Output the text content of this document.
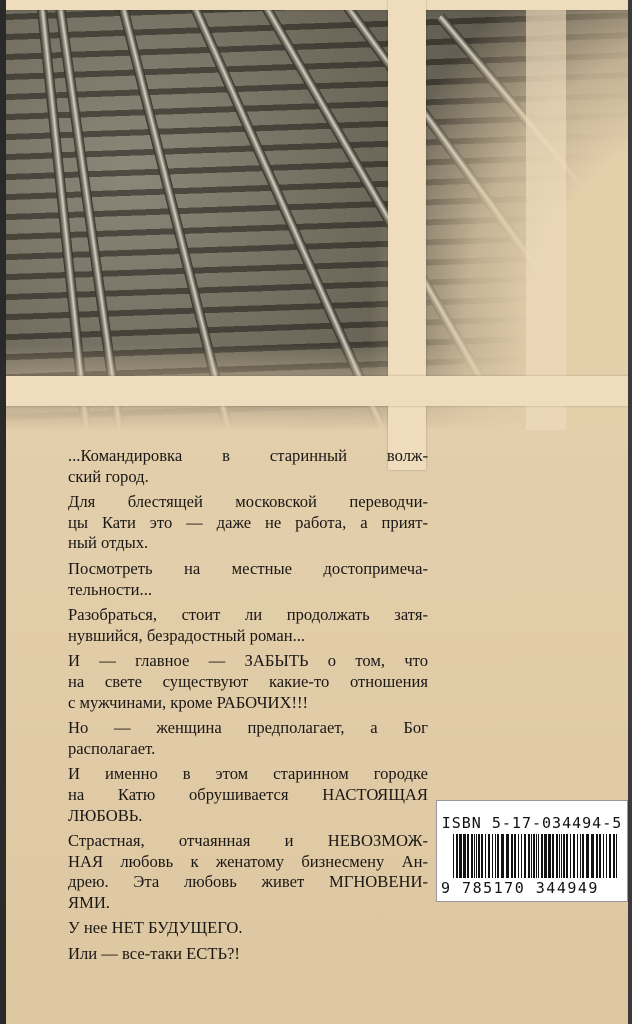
...Командировка в старинный волж-
ский город.
Для блестящей московской переводчи-
цы Кати это — даже не работа, а прият-
ный отдых.
Посмотреть на местные достопримеча-
тельности...
Разобраться, стоит ли продолжать затя-
нувшийся, безрадостный роман...
И — главное — ЗАБЫТЬ о том, что
на свете существуют какие-то отношения
с мужчинами, кроме РАБОЧИХ!!!
Но — женщина предполагает, а Бог
располагает.
И именно в этом старинном городке
на Катю обрушивается НАСТОЯЩАЯ
ЛЮБОВЬ.
Страстная, отчаянная и НЕВОЗМОЖ-
НАЯ любовь к женатому бизнесмену Ан-
дрею. Эта любовь живет МГНОВЕНИ-
ЯМИ.
У нее НЕТ БУДУЩЕГО.
Или — все-таки ЕСТЬ?!
ISBN 5-17-034494-5
9 785170 344949
